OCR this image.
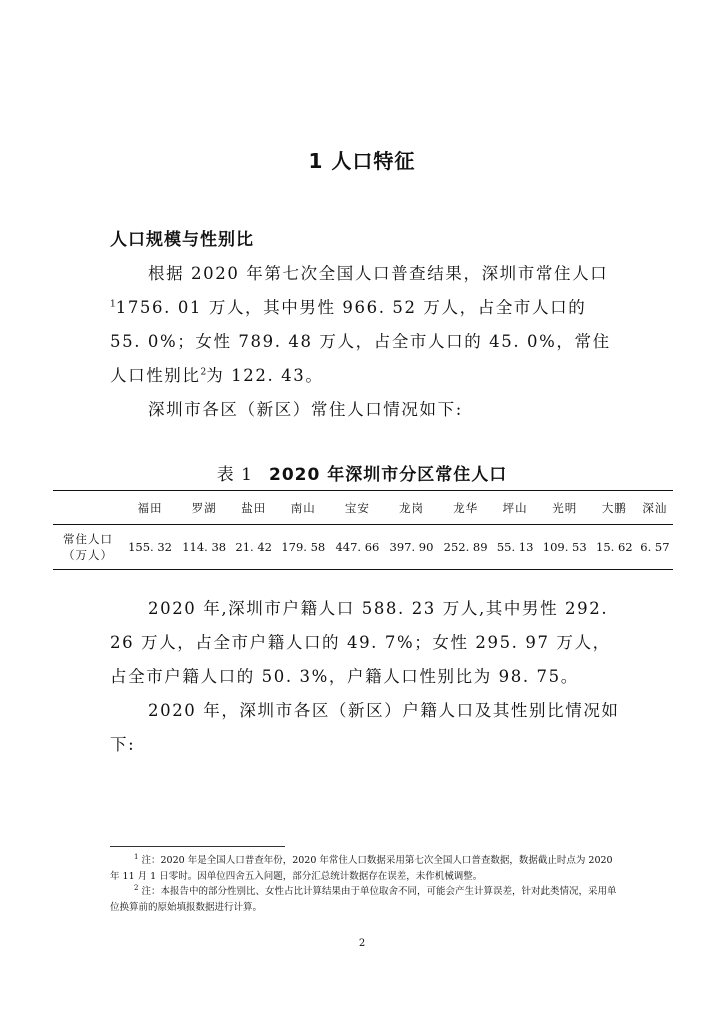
1 人口特征
人口规模与性别比

根据 2020 年第七次全国人口普查结果，深圳市常住人口$^1$1756. 01 万人，其中男性 966. 52 万人，占全市人口的 55. 0%；女性 789. 48 万人，占全市人口的 45. 0%，常住人口性别比$^2$为 122. 43。

深圳市各区（新区）常住人口情况如下:

表 1 2020 年深圳市分区常住人口
	福田	罗湖	盐田	南山	宝安	龙岗	龙华	坪山	光明	大鹏	深汕
常住人口
（万人）	155. 32	114. 38	21. 42	179. 58	447. 66	397. 90	252. 89	55. 13	109. 53	15. 62	6. 57

2020 年,深圳市户籍人口 588. 23 万人,其中男性 292. 26 万人，占全市户籍人口的 49. 7%；女性 295. 97 万人，占全市户籍人口的 50. 3%，户籍人口性别比为 98. 75。

2020 年，深圳市各区（新区）户籍人口及其性别比情况如下:

$^1$ 注：2020 年是全国人口普查年份，2020 年常住人口数据采用第七次全国人口普查数据，数据截止时点为 2020 年 11 月 1 日零时。因单位四舍五入问题，部分汇总统计数据存在误差，未作机械调整。

$^2$ 注：本报告中的部分性别比、女性占比计算结果由于单位取舍不同，可能会产生计算误差，针对此类情况，采用单位换算前的原始填报数据进行计算。

2
